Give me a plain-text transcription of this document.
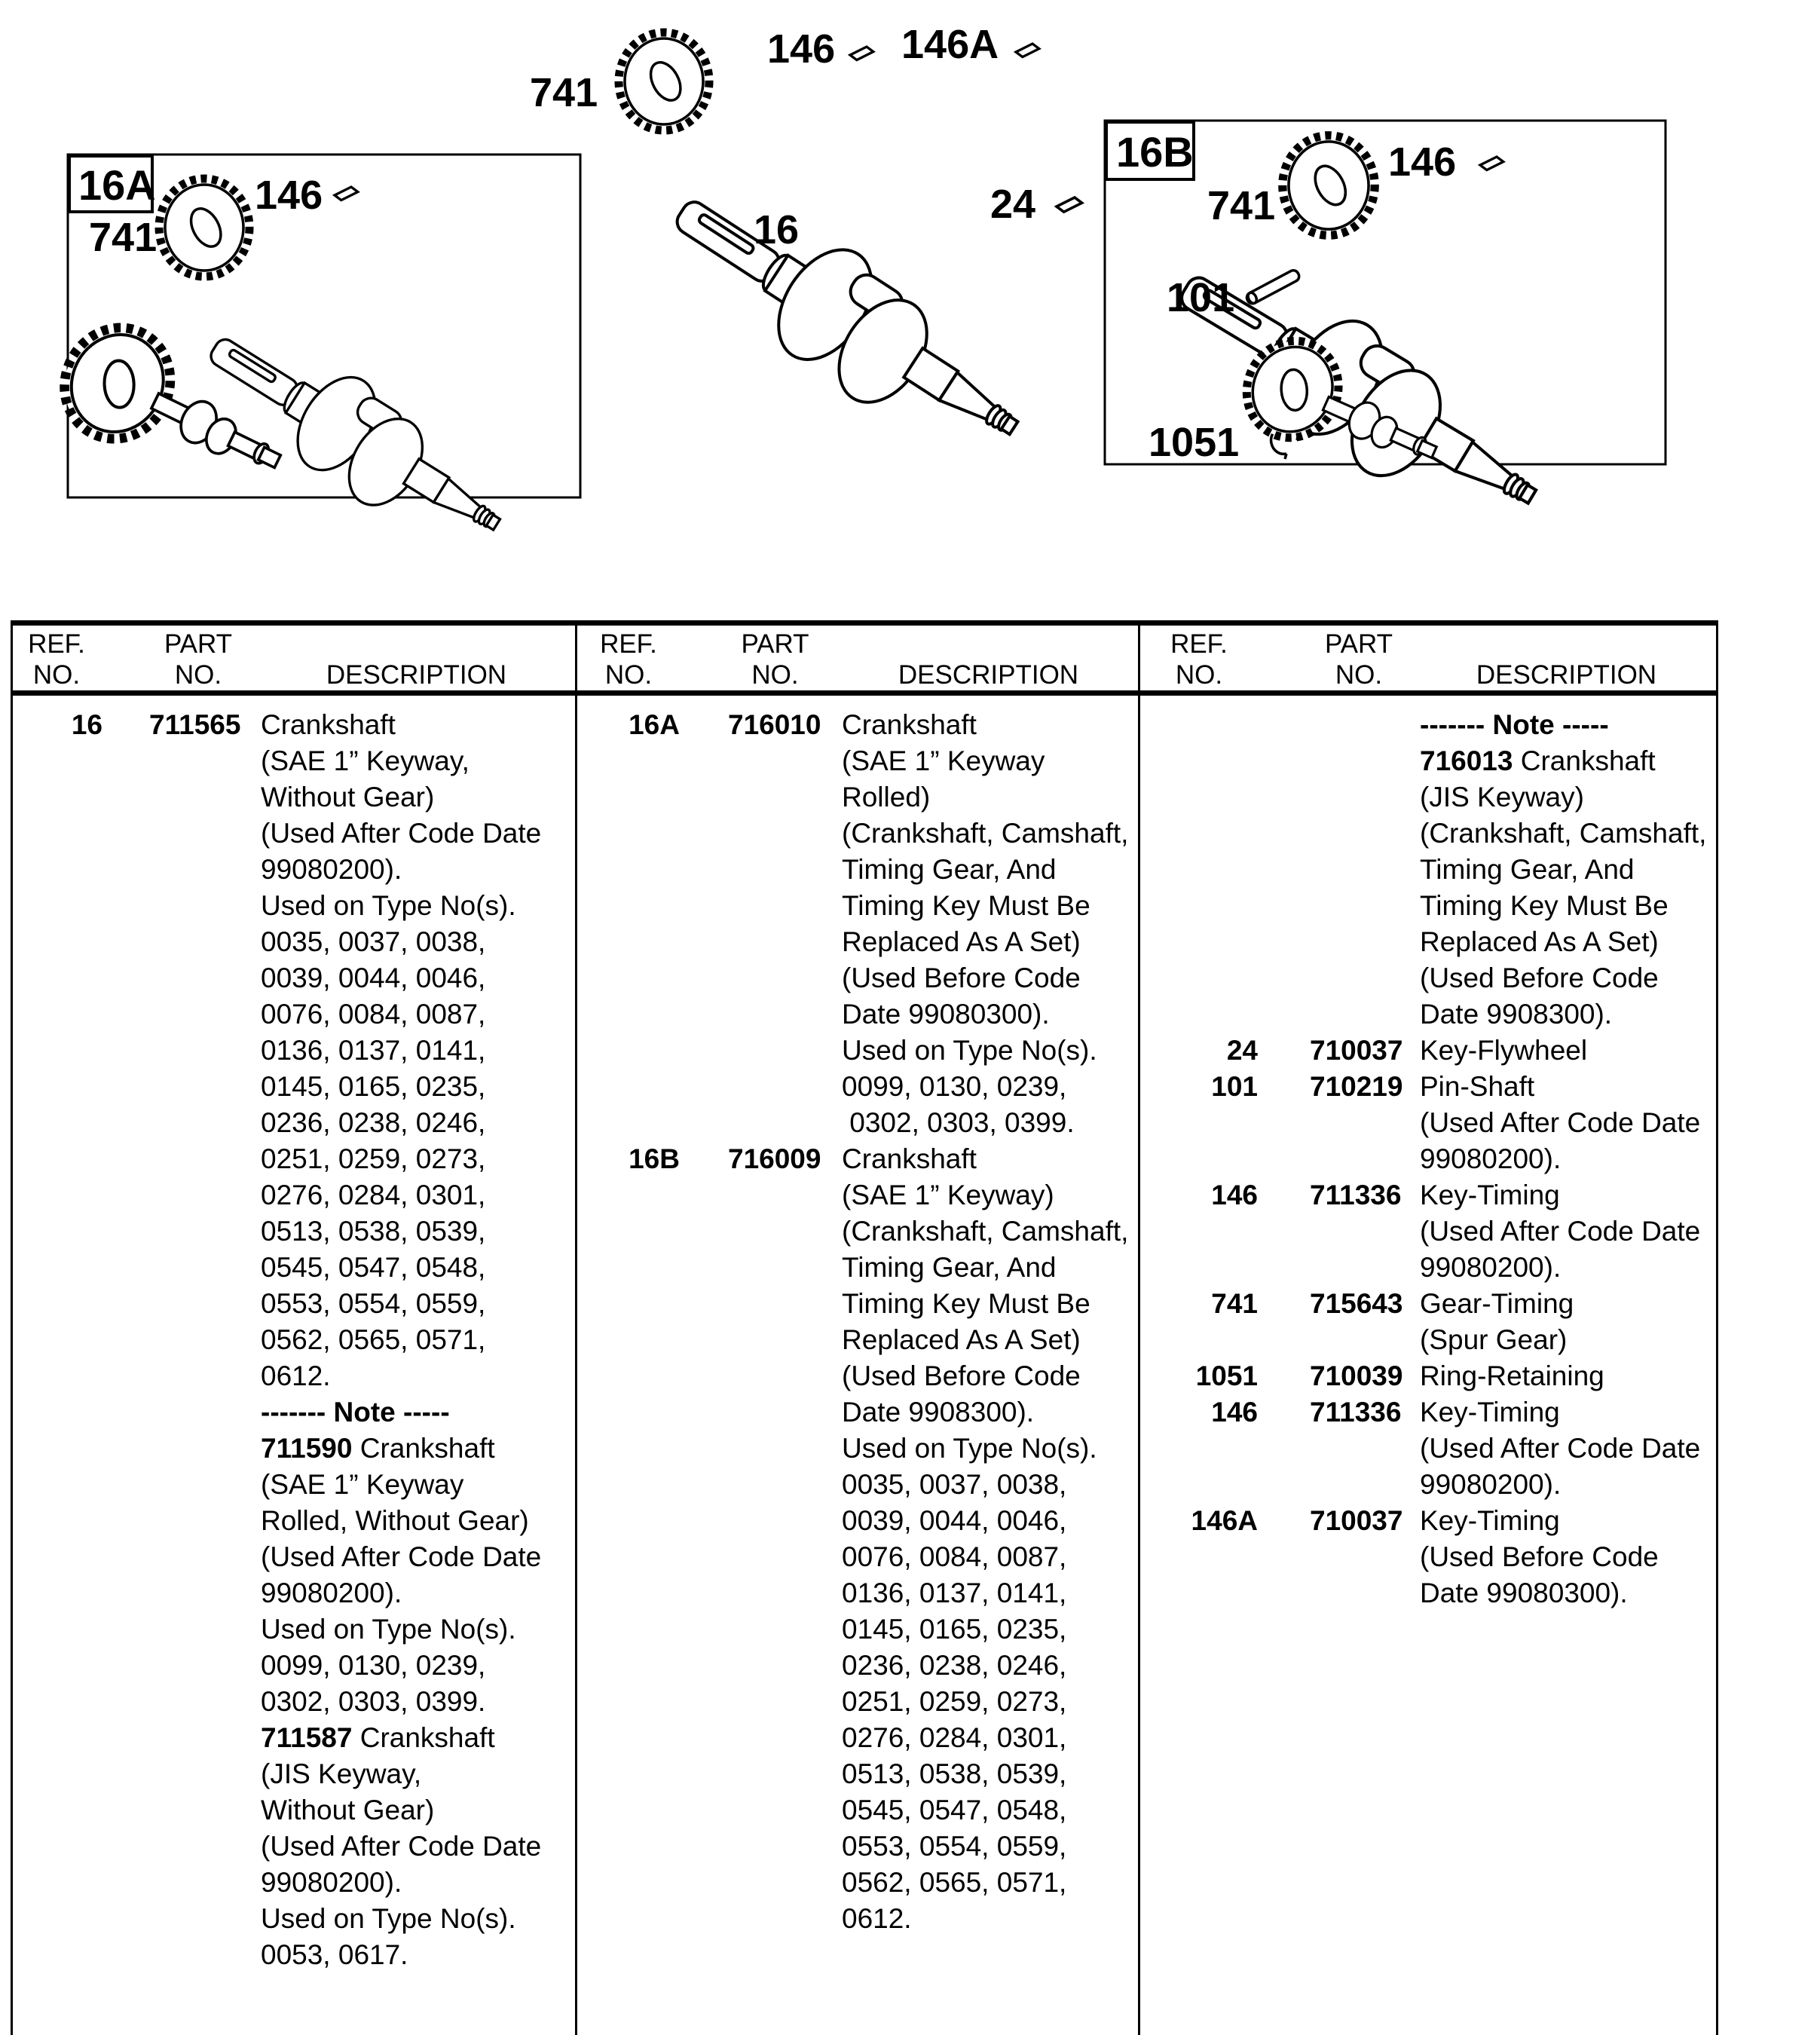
16A
16B
741
146
741
146 146A
16
24	741
146
101
1051
REF.
NO.
PART
NO.	DESCRIPTION
16 711565 Crankshaft
(SAE 1” Keyway,
Without Gear)
(Used After Code Date
99080200).
Used on Type No(s).
0035, 0037, 0038,
0039, 0044, 0046,
0076, 0084, 0087,
0136, 0137, 0141,
0145, 0165, 0235,
0236, 0238, 0246,
0251, 0259, 0273,
0276, 0284, 0301,
0513, 0538, 0539,
0545, 0547, 0548,
0553, 0554, 0559,
0562, 0565, 0571,
0612.
------- Note -----
711590 Crankshaft
(SAE 1” Keyway
Rolled, Without Gear)
(Used After Code Date
99080200).
Used on Type No(s).
0099, 0130, 0239,
0302, 0303, 0399.
711587 Crankshaft
(JIS Keyway,
Without Gear)
(Used After Code Date
99080200).
Used on Type No(s).
0053, 0617.
REF.
NO.
PART
NO.	DESCRIPTION
16A 716010 Crankshaft
(SAE 1” Keyway
Rolled)
(Crankshaft, Camshaft,
Timing Gear, And
Timing Key Must Be
Replaced As A Set)
(Used Before Code
Date 99080300).
Used on Type No(s).
0099, 0130, 0239,
0302, 0303, 0399.
16B 716009 Crankshaft
(SAE 1” Keyway)
(Crankshaft, Camshaft,
Timing Gear, And
Timing Key Must Be
Replaced As A Set)
(Used Before Code
Date 9908300).
Used on Type No(s).
0035, 0037, 0038,
0039, 0044, 0046,
0076, 0084, 0087,
0136, 0137, 0141,
0145, 0165, 0235,
0236, 0238, 0246,
0251, 0259, 0273,
0276, 0284, 0301,
0513, 0538, 0539,
0545, 0547, 0548,
0553, 0554, 0559,
0562, 0565, 0571,
0612.
REF.
NO.
PART
NO.	DESCRIPTION
------- Note -----
716013 Crankshaft
(JIS Keyway)
(Crankshaft, Camshaft,
Timing Gear, And
Timing Key Must Be
Replaced As A Set)
(Used Before Code
Date 9908300).
24 710037 Key-Flywheel
101 710219 Pin-Shaft
(Used After Code Date
99080200).
146 711336 Key-Timing
(Used After Code Date
99080200).
741 715643 Gear-Timing
(Spur Gear)
1051 710039 Ring-Retaining
146 711336 Key-Timing
(Used After Code Date
99080200).
146A 710037 Key-Timing
(Used Before Code
Date 99080300).
